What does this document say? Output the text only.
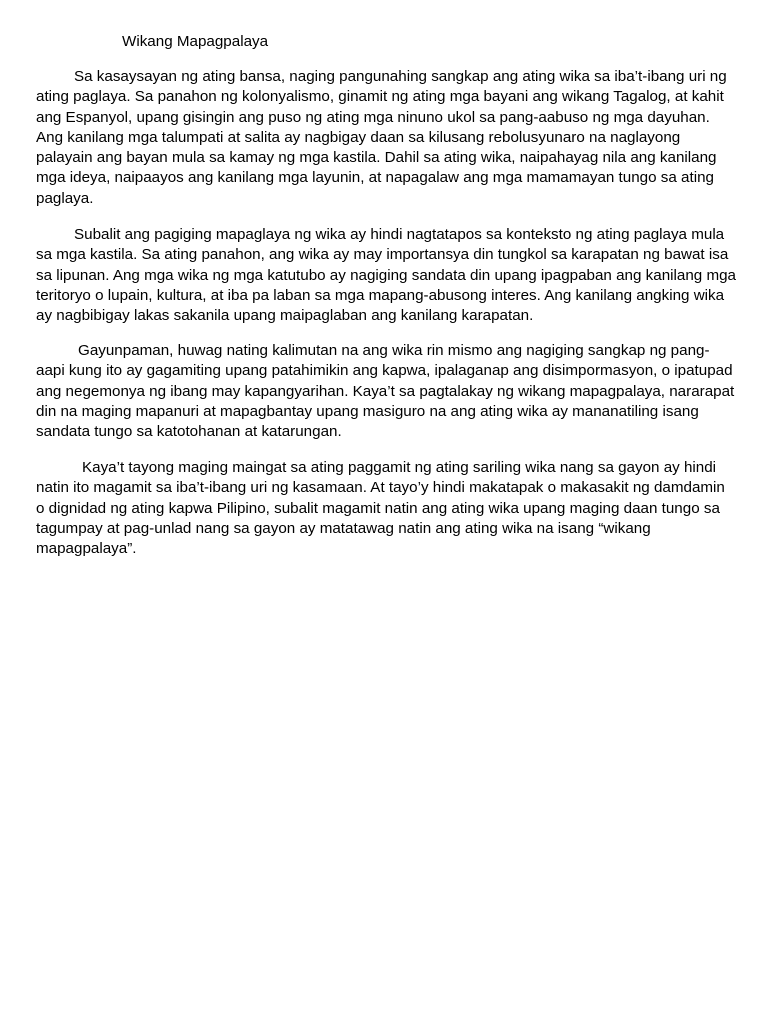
Wikang Mapagpalaya

Sa kasaysayan ng ating bansa, naging pangunahing sangkap ang ating wika sa iba’t-ibang uri ng ating paglaya. Sa panahon ng kolonyalismo, ginamit ng ating mga bayani ang wikang Tagalog, at kahit ang Espanyol, upang gisingin ang puso ng ating mga ninuno ukol sa pang-aabuso ng mga dayuhan. Ang kanilang mga talumpati at salita ay nagbigay daan sa kilusang rebolusyunaro na naglayong palayain ang bayan mula sa kamay ng mga kastila. Dahil sa ating wika, naipahayag nila ang kanilang mga ideya, naipaayos ang kanilang mga layunin, at napagalaw ang mga mamamayan tungo sa ating paglaya.

Subalit ang pagiging mapaglaya ng wika ay hindi nagtatapos sa konteksto ng ating paglaya mula sa mga kastila. Sa ating panahon, ang wika ay may importansya din tungkol sa karapatan ng bawat isa sa lipunan. Ang mga wika ng mga katutubo ay nagiging sandata din upang ipagpaban ang kanilang mga teritoryo o lupain, kultura, at iba pa laban sa mga mapang-abusong interes. Ang kanilang angking wika ay nagbibigay lakas sakanila upang maipaglaban ang kanilang karapatan.

Gayunpaman, huwag nating kalimutan na ang wika rin mismo ang nagiging sangkap ng pang-aapi kung ito ay gagamiting upang patahimikin ang kapwa, ipalaganap ang disimpormasyon, o ipatupad ang negemonya ng ibang may kapangyarihan. Kaya’t sa pagtalakay ng wikang mapagpalaya, nararapat din na maging mapanuri at mapagbantay upang masiguro na ang ating wika ay mananatiling isang sandata tungo sa katotohanan at katarungan.

Kaya’t tayong maging maingat sa ating paggamit ng ating sariling wika nang sa gayon ay hindi natin ito magamit sa iba’t-ibang uri ng kasamaan. At tayo’y hindi makatapak o makasakit ng damdamin o dignidad ng ating kapwa Pilipino, subalit magamit natin ang ating wika upang maging daan tungo sa tagumpay at pag-unlad nang sa gayon ay matatawag natin ang ating wika na isang “wikang mapagpalaya”.
